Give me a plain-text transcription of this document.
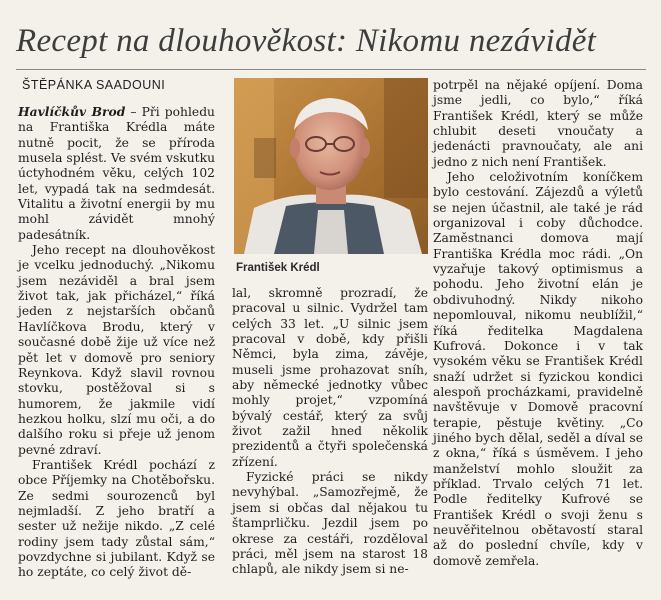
Recept na dlouhověkost: Nikomu nezávidět
ŠTĚPÁNKA SAADOUNI
František Krédl

Havlíčkův Brod – Při pohledu na Františka Krédla máte nutně pocit, že se příroda musela splést. Ve svém vskutku úctyhodném věku, celých 102 let, vypadá tak na sedmdesát. Vitalitu a životní energii by mu mohl závidět mnohý padesátník.

Jeho recept na dlouhověkost je vcelku jednoduchý. „Nikomu jsem nezáviděl a bral jsem život tak, jak přicházel,“ říká jeden z nejstarších občanů Havlíčkova Brodu, který v současné době žije už více než pět let v domově pro seniory Reynkova. Když slavil rovnou stovku, postěžoval si s humorem, že jakmile vidí hezkou holku, slzí mu oči, a do dalšího roku si přeje už jenom pevné zdraví.

František Krédl pochází z obce Příjemky na Chotěbořsku. Ze sedmi sourozenců byl nejmladší. Z jeho bratří a sester už nežije nikdo. „Z celé rodiny jsem tady zůstal sám,“ povzdychne si jubilant. Když se ho zeptáte, co celý život dě-

lal, skromně prozradí, že pracoval u silnic. Vydržel tam celých 33 let. „U silnic jsem pracoval v době, kdy přišli Němci, byla zima, závěje, museli jsme prohazovat sníh, aby německé jednotky vůbec mohly projet,“ vzpomíná bývalý cestář, který za svůj život zažil hned několik prezidentů a čtyři společenská zřízení.

Fyzické práci se nikdy nevyhýbal. „Samozřejmě, že jsem si občas dal nějakou tu štamprličku. Jezdil jsem po okrese za cestáři, rozděloval práci, měl jsem na starost 18 chlapů, ale nikdy jsem si ne-

potrpěl na nějaké opíjení. Doma jsme jedli, co bylo,“ říká František Krédl, který se může chlubit deseti vnoučaty a jedenácti pravnoučaty, ale ani jedno z nich není František.

Jeho celoživotním koníčkem bylo cestování. Zájezdů a výletů se nejen účastnil, ale také je rád organizoval i coby důchodce. Zaměstnanci domova mají Františka Krédla moc rádi. „On vyzařuje takový optimismus a pohodu. Jeho životní elán je obdivuhodný. Nikdy nikoho nepomlouval, nikomu neublížil,“ říká ředitelka Magdalena Kufrová. Dokonce i v tak vysokém věku se František Krédl snaží udržet si fyzickou kondici alespoň procházkami, pravidelně navštěvuje v Domově pracovní terapie, pěstuje květiny. „Co jiného bych dělal, seděl a díval se z okna,“ říká s úsměvem. I jeho manželství mohlo sloužit za příklad. Trvalo celých 71 let. Podle ředitelky Kufrové se František Krédl o svoji ženu s neuvěřitelnou obětavostí staral až do poslední chvíle, kdy v domově zemřela.
